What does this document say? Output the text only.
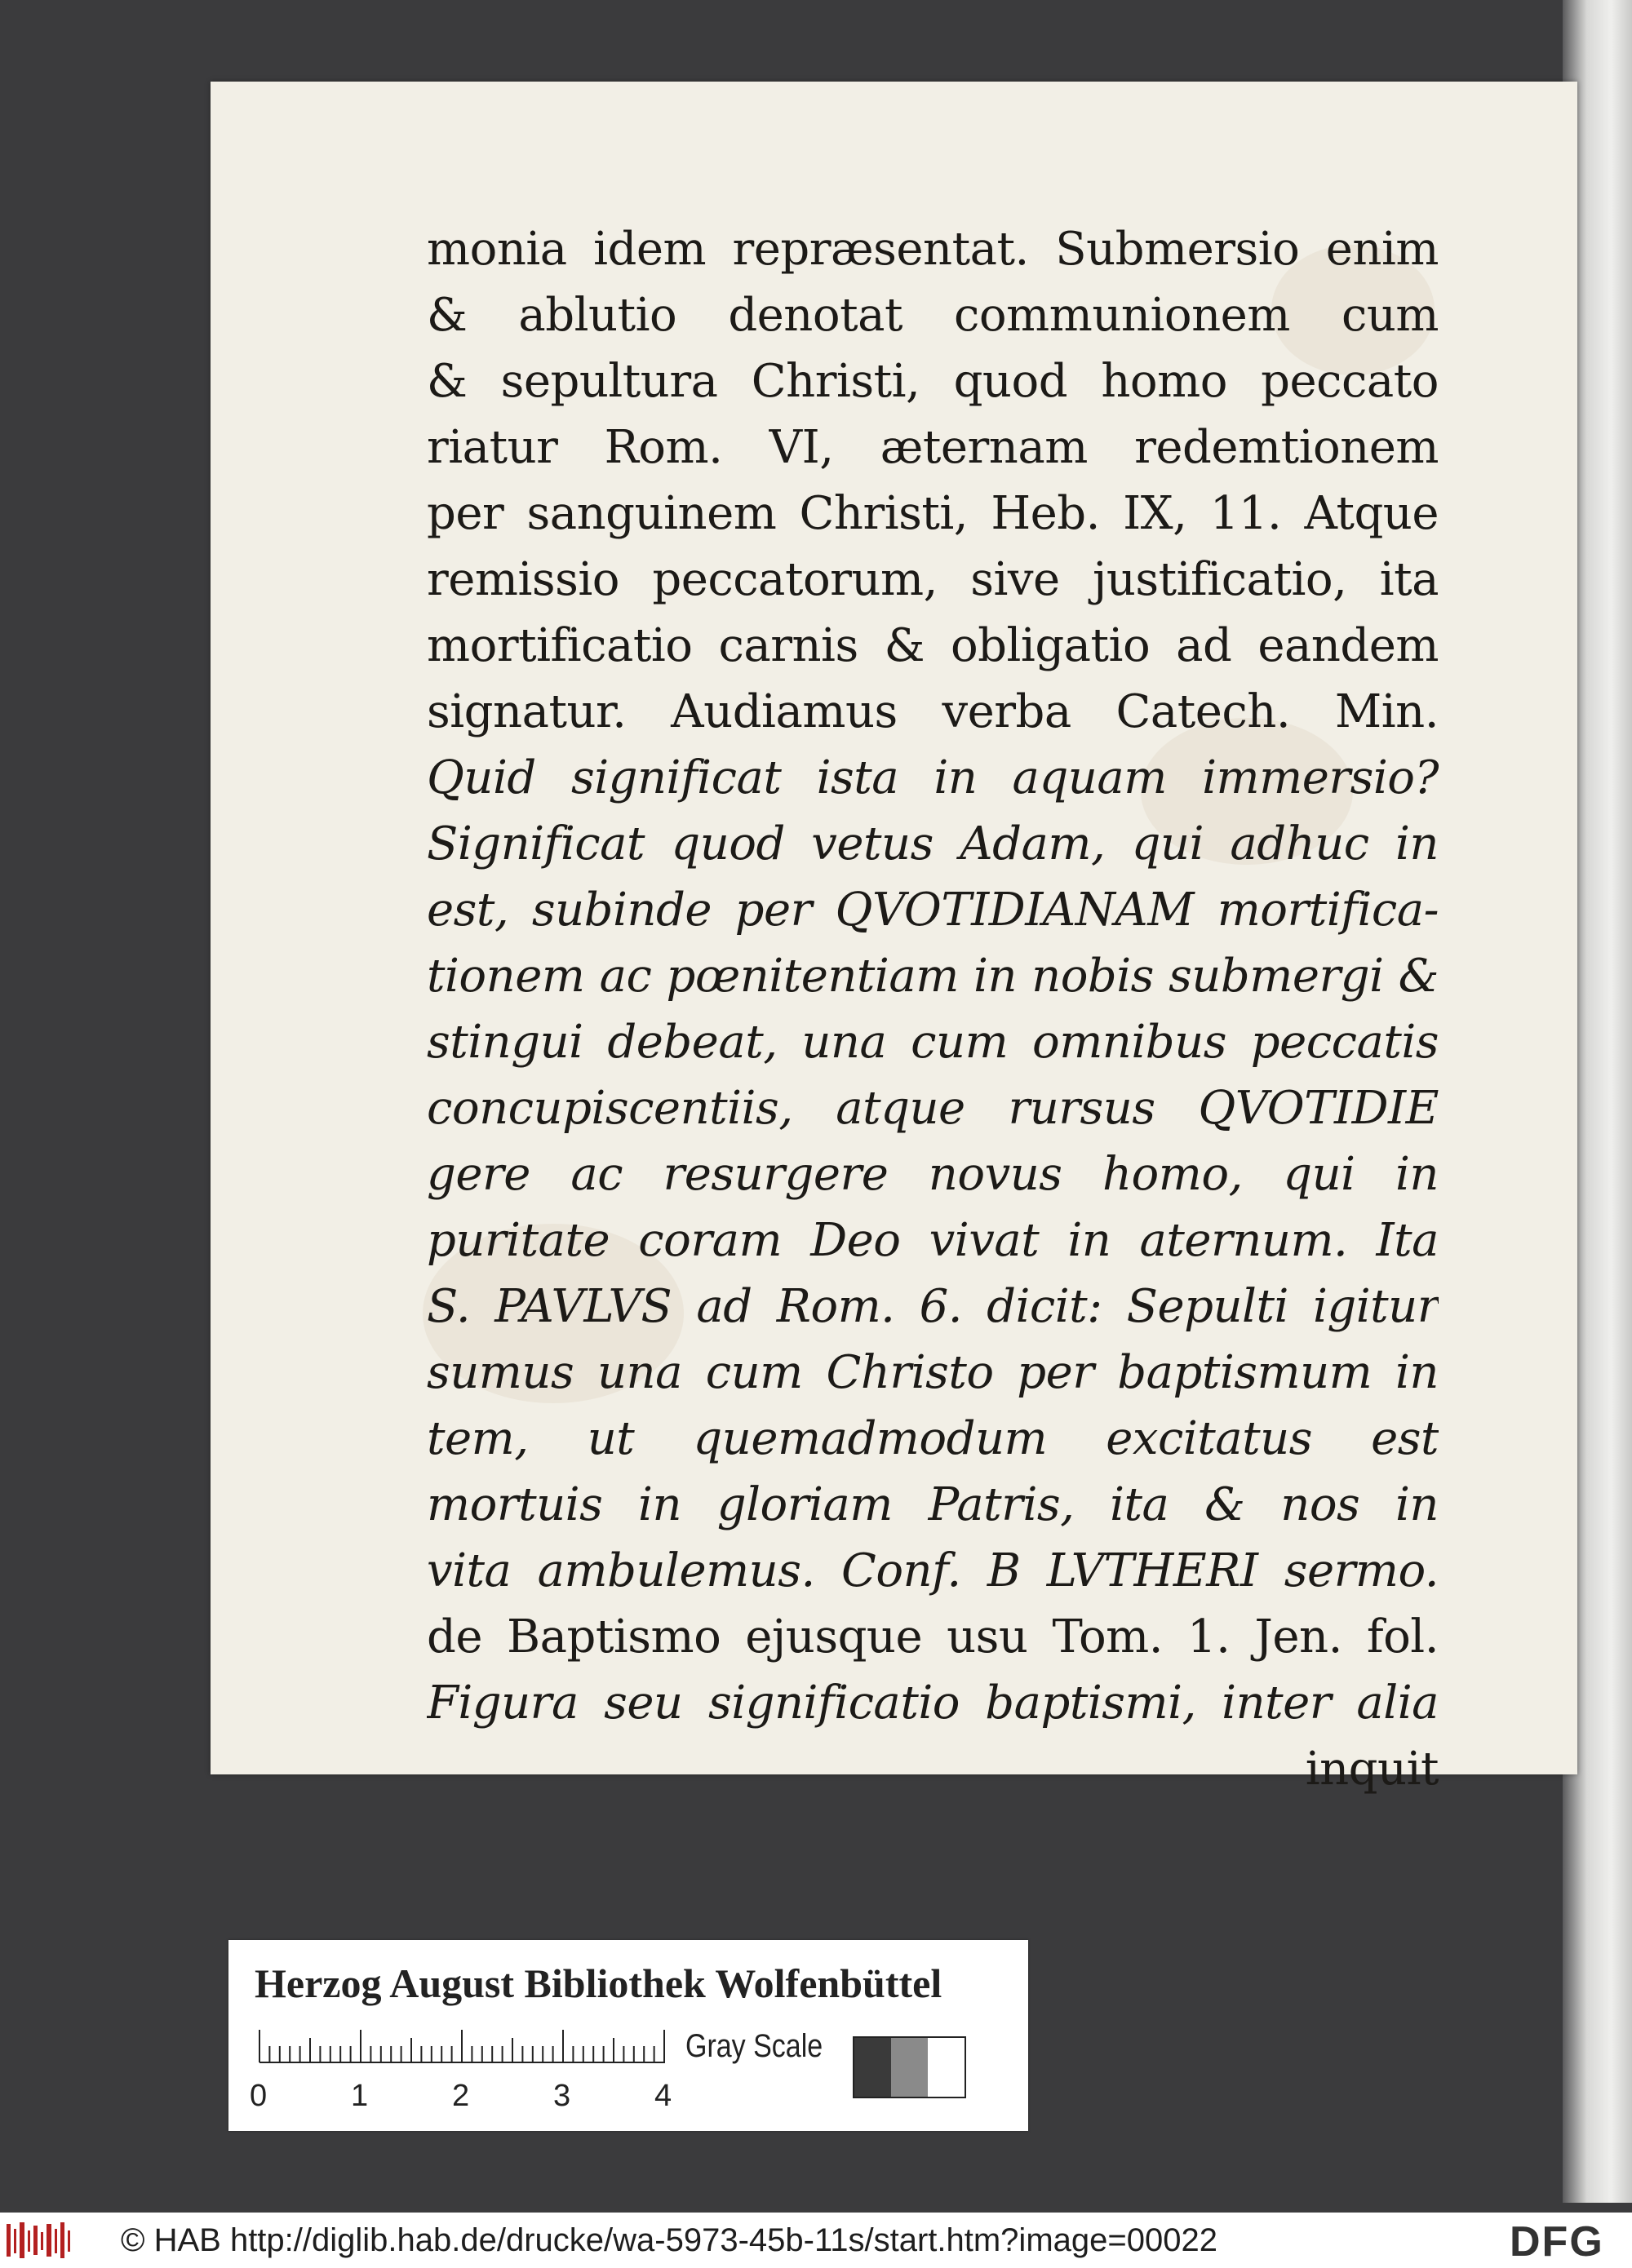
monia idem repræsentat. Submersio enim
& ablutio denotat communionem cum
& sepultura Christi, quod homo peccato
riatur Rom. VI, æternam redemtionem
per sanguinem Christi, Heb. IX, 11. Atque
remissio peccatorum, sive justificatio, ita
mortificatio carnis & obligatio ad eandem
signatur. Audiamus verba Catech. Min.
Quid significat ista in aquam immersio?
Significat quod vetus Adam, qui adhuc in
est, subinde per QVOTIDIANAM mortifica-
tionem ac pœnitentiam in nobis submergi &
stingui debeat, una cum omnibus peccatis
concupiscentiis, atque rursus QVOTIDIE
gere ac resurgere novus homo, qui in
puritate coram Deo vivat in aternum. Ita
S. PAVLVS ad Rom. 6. dicit: Sepulti igitur
sumus una cum Christo per baptismum in
tem, ut quemadmodum excitatus est
mortuis in gloriam Patris, ita & nos in
vita ambulemus. Conf. B LVTHERI sermo.
de Baptismo ejusque usu Tom. 1. Jen. fol.
Figura seu significatio baptismi, inter alia
inquit
Herzog August Bibliothek Wolfenbüttel
0	1	2	3	4
Gray Scale
© HAB http://diglib.hab.de/drucke/wa-5973-45b-11s/start.htm?image=00022	DFG
